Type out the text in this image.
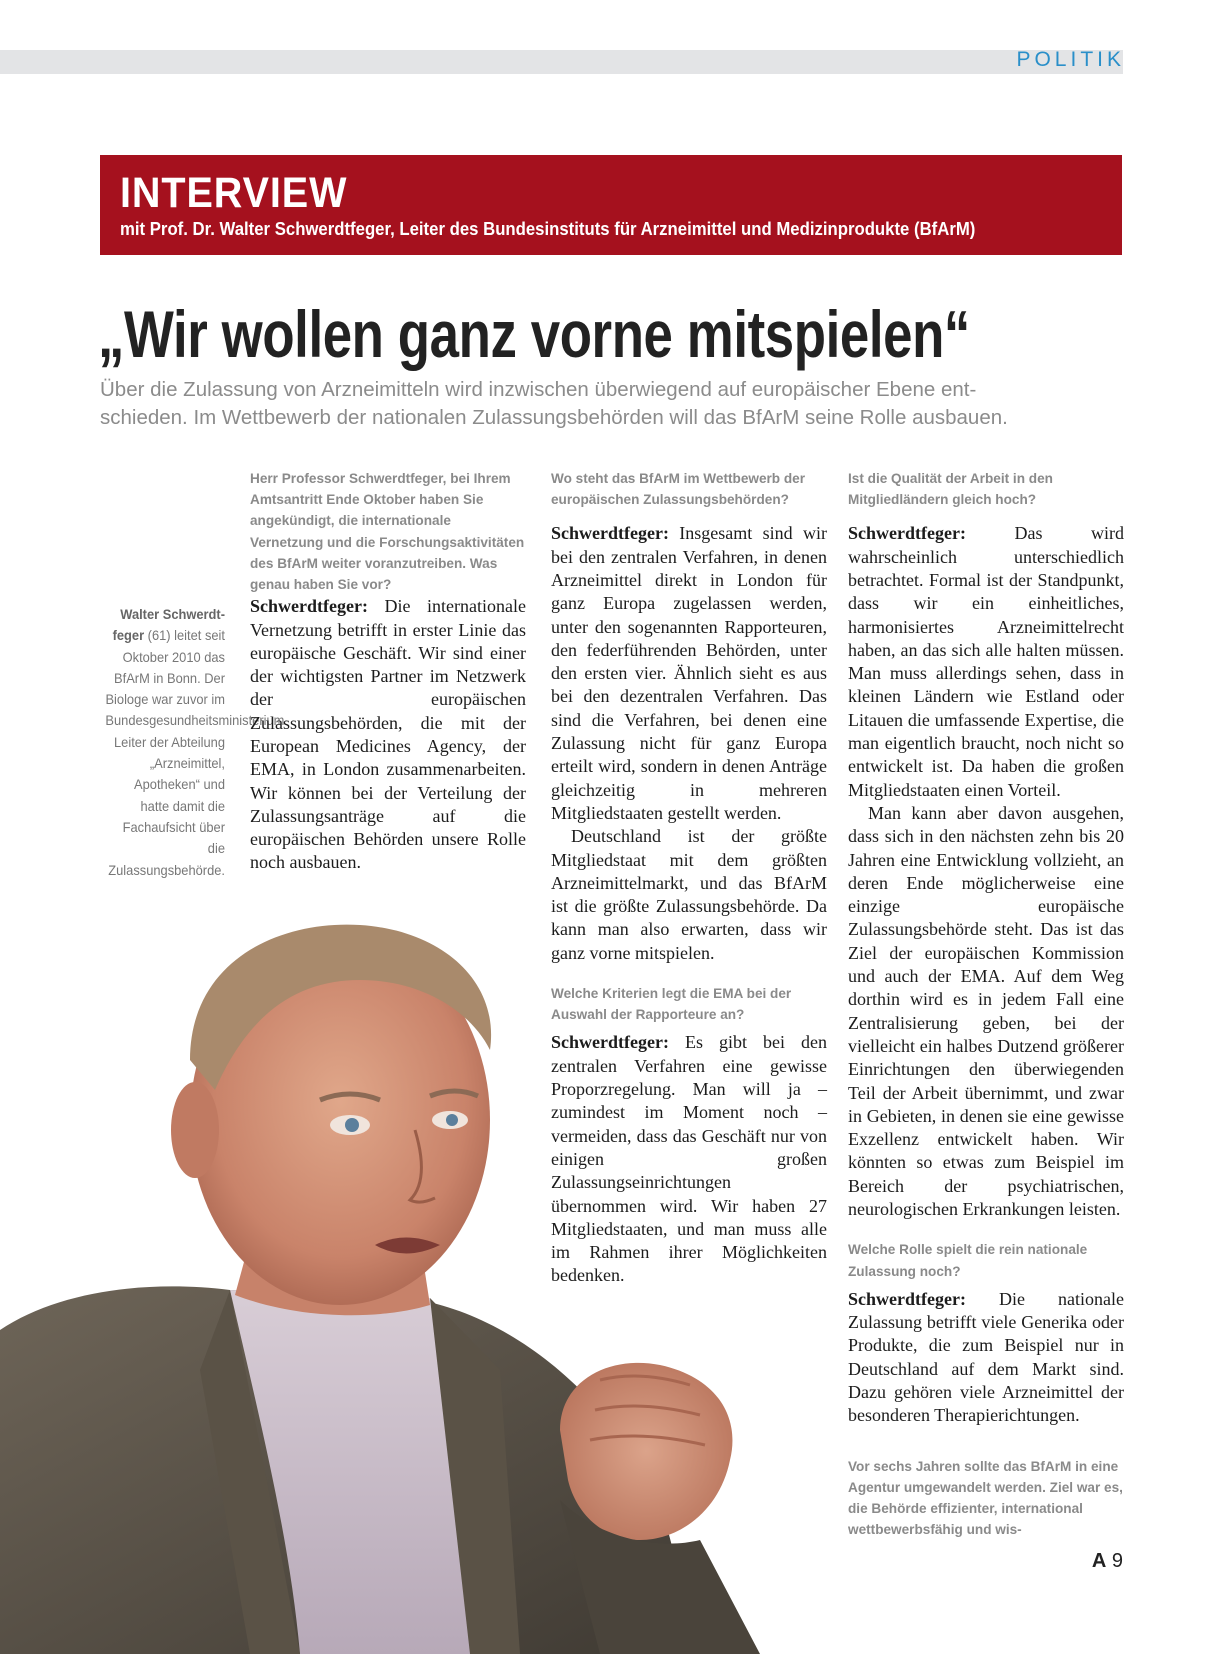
POLITIK
INTERVIEW
mit Prof. Dr. Walter Schwerdtfeger, Leiter des Bundesinstituts für Arzneimittel und Medizinprodukte (BfArM)
„Wir wollen ganz vorne mitspielen“
Über die Zulassung von Arzneimitteln wird inzwischen überwiegend auf europäischer Ebene ent-
schieden. Im Wettbewerb der nationalen Zulassungsbehörden will das BfArM seine Rolle ausbauen.
Walter Schwerdt-feger (61) leitet seit Oktober 2010 das BfArM in Bonn. Der Biologe war zuvor im Bundesgesundheitsministerium Leiter der Abteilung „Arzneimittel, Apotheken“ und hatte damit die Fachaufsicht über die Zulassungsbehörde.

Herr Professor Schwerdtfeger, bei Ihrem Amtsantritt Ende Oktober haben Sie angekündigt, die internationale Vernetzung und die Forschungsaktivitäten des BfArM weiter voranzutreiben. Was genau haben Sie vor?

Schwerdtfeger: Die internationale Vernetzung betrifft in erster Linie das europäische Geschäft. Wir sind einer der wichtigsten Partner im Netzwerk der europäischen Zulassungsbehörden, die mit der European Medicines Agency, der EMA, in London zusammenarbeiten. Wir können bei der Verteilung der Zulassungsanträge auf die europäischen Behörden unsere Rolle noch ausbauen.

Wo steht das BfArM im Wettbewerb der europäischen Zulassungsbehörden?

Schwerdtfeger: Insgesamt sind wir bei den zentralen Verfahren, in denen Arzneimittel direkt in London für ganz Europa zugelassen werden, unter den sogenannten Rapporteuren, den federführenden Behörden, unter den ersten vier. Ähnlich sieht es aus bei den dezentralen Verfahren. Das sind die Verfahren, bei denen eine Zulassung nicht für ganz Europa erteilt wird, sondern in denen Anträge gleichzeitig in mehreren Mitgliedstaaten gestellt werden.

Deutschland ist der größte Mitgliedstaat mit dem größten Arzneimittelmarkt, und das BfArM ist die größte Zulassungsbehörde. Da kann man also erwarten, dass wir ganz vorne mitspielen.

Welche Kriterien legt die EMA bei der Auswahl der Rapporteure an?

Schwerdtfeger: Es gibt bei den zentralen Verfahren eine gewisse Proporzregelung. Man will ja – zumindest im Moment noch – vermeiden, dass das Geschäft nur von einigen großen Zulassungseinrichtungen übernommen wird. Wir haben 27 Mitgliedstaaten, und man muss alle im Rahmen ihrer Möglichkeiten bedenken.

Ist die Qualität der Arbeit in den Mitgliedländern gleich hoch?

Schwerdtfeger: Das wird wahrscheinlich unterschiedlich betrachtet. Formal ist der Standpunkt, dass wir ein einheitliches, harmonisiertes Arzneimittelrecht haben, an das sich alle halten müssen. Man muss allerdings sehen, dass in kleinen Ländern wie Estland oder Litauen die umfassende Expertise, die man eigentlich braucht, noch nicht so entwickelt ist. Da haben die großen Mitgliedstaaten einen Vorteil.

Man kann aber davon ausgehen, dass sich in den nächsten zehn bis 20 Jahren eine Entwicklung vollzieht, an deren Ende möglicherweise eine einzige europäische Zulassungsbehörde steht. Das ist das Ziel der europäischen Kommission und auch der EMA. Auf dem Weg dorthin wird es in jedem Fall eine Zentralisierung geben, bei der vielleicht ein halbes Dutzend größerer Einrichtungen den überwiegenden Teil der Arbeit übernimmt, und zwar in Gebieten, in denen sie eine gewisse Exzellenz entwickelt haben. Wir könnten so etwas zum Beispiel im Bereich der psychiatrischen, neurologischen Erkrankungen leisten.

Welche Rolle spielt die rein nationale Zulassung noch?

Schwerdtfeger: Die nationale Zulassung betrifft viele Generika oder Produkte, die zum Beispiel nur in Deutschland auf dem Markt sind. Dazu gehören viele Arzneimittel der besonderen Therapierichtungen.

Vor sechs Jahren sollte das BfArM in eine Agentur umgewandelt werden. Ziel war es, die Behörde effizienter, international wettbewerbsfähig und wis-

A 9
